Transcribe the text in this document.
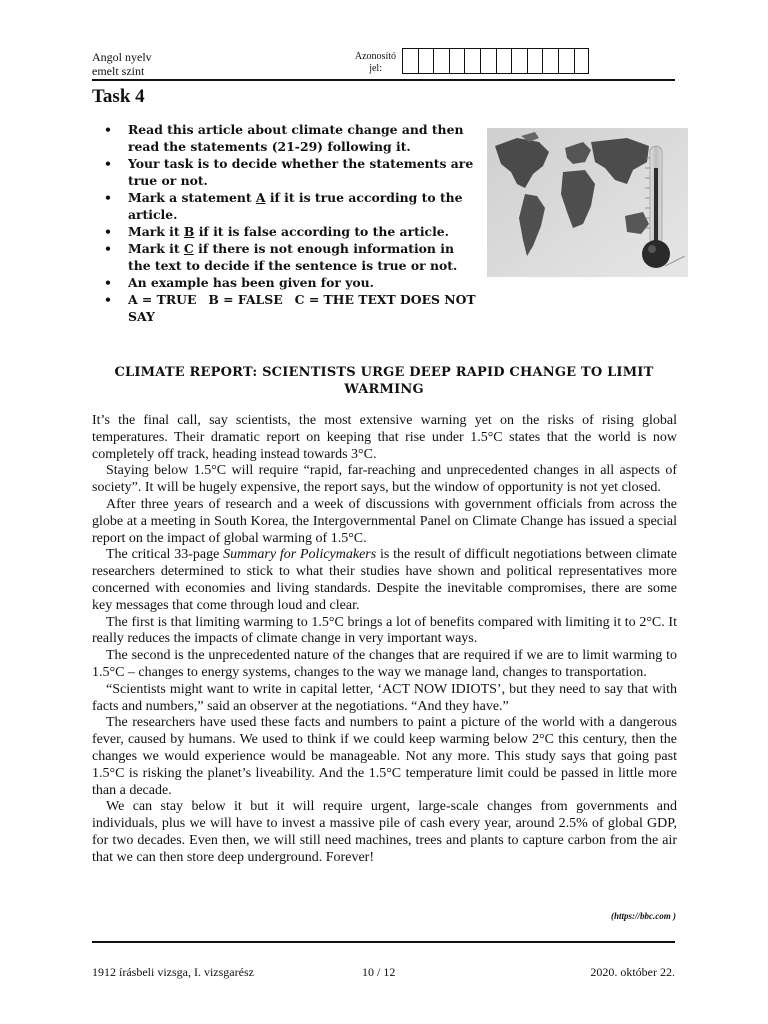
Angol nyelv
emelt szint
Azonosító
jel:
Task 4
• Read this article about climate change and then read the statements (21-29) following it.
• Your task is to decide whether the statements are true or not.
• Mark a statement A if it is true according to the article.
• Mark it B if it is false according to the article.
• Mark it C if there is not enough information in the text to decide if the sentence is true or not.
• An example has been given for you.
• A = TRUE B = FALSE C = THE TEXT DOES NOT SAY
CLIMATE REPORT: SCIENTISTS URGE DEEP RAPID CHANGE TO LIMIT WARMING

It’s the final call, say scientists, the most extensive warning yet on the risks of rising global temperatures. Their dramatic report on keeping that rise under 1.5°C states that the world is now completely off track, heading instead towards 3°C.

Staying below 1.5°C will require “rapid, far-reaching and unprecedented changes in all aspects of society”. It will be hugely expensive, the report says, but the window of opportunity is not yet closed.

After three years of research and a week of discussions with government officials from across the globe at a meeting in South Korea, the Intergovernmental Panel on Climate Change has issued a special report on the impact of global warming of 1.5°C.

The critical 33-page Summary for Policymakers is the result of difficult negotiations between climate researchers determined to stick to what their studies have shown and political representatives more concerned with economies and living standards. Despite the inevitable compromises, there are some key messages that come through loud and clear.

The first is that limiting warming to 1.5°C brings a lot of benefits compared with limiting it to 2°C. It really reduces the impacts of climate change in very important ways.

The second is the unprecedented nature of the changes that are required if we are to limit warming to 1.5°C – changes to energy systems, changes to the way we manage land, changes to transportation.

“Scientists might want to write in capital letter, ‘ACT NOW IDIOTS’, but they need to say that with facts and numbers,” said an observer at the negotiations. “And they have.”

The researchers have used these facts and numbers to paint a picture of the world with a dangerous fever, caused by humans. We used to think if we could keep warming below 2°C this century, then the changes we would experience would be manageable. Not any more. This study says that going past 1.5°C is risking the planet’s liveability. And the 1.5°C temperature limit could be passed in little more than a decade.

We can stay below it but it will require urgent, large-scale changes from governments and individuals, plus we will have to invest a massive pile of cash every year, around 2.5% of global GDP, for two decades. Even then, we will still need machines, trees and plants to capture carbon from the air that we can then store deep underground. Forever!

(https://bbc.com )
1912 írásbeli vizsga, I. vizsgarész	10 / 12	2020. október 22.
